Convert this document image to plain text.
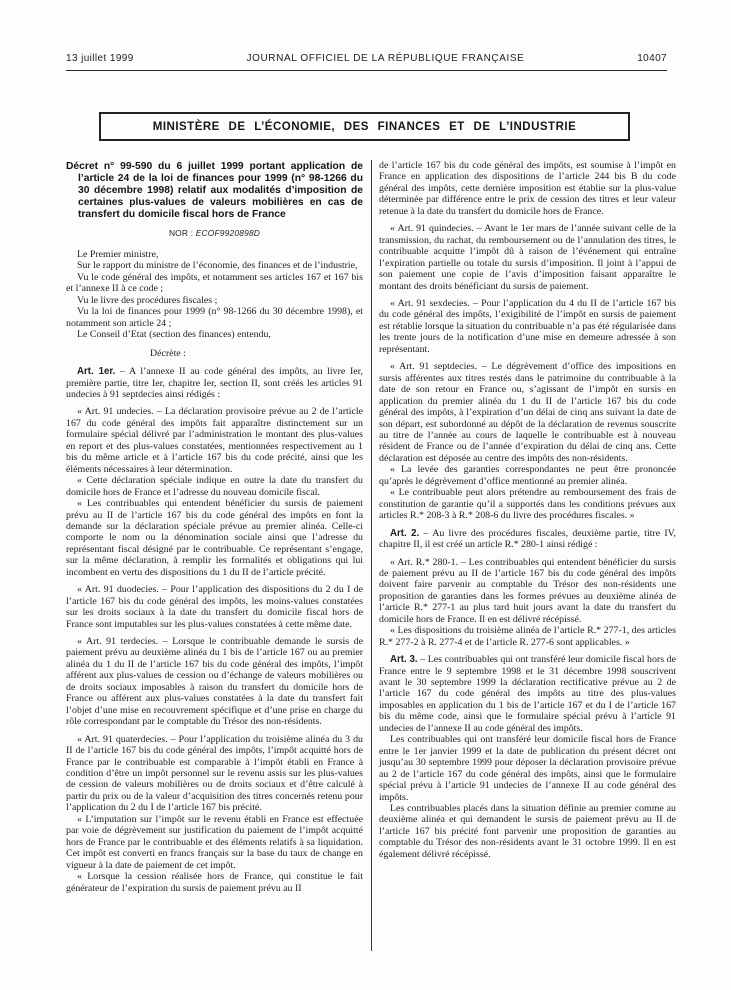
13 juillet 1999	JOURNAL OFFICIEL DE LA RÉPUBLIQUE FRANÇAISE	10407
MINISTÈRE DE L’ÉCONOMIE, DES FINANCES ET DE L’INDUSTRIE
Décret n° 99-590 du 6 juillet 1999 portant application de l’article 24 de la loi de finances pour 1999 (n° 98-1266 du 30 décembre 1998) relatif aux modalités d’imposition de certaines plus-values de valeurs mobilières en cas de transfert du domicile fiscal hors de France
NOR : ECOF9920898D

Le Premier ministre,

Sur le rapport du ministre de l’économie, des finances et de l’industrie,

Vu le code général des impôts, et notamment ses articles 167 et 167 bis et l’annexe II à ce code ;

Vu le livre des procédures fiscales ;

Vu la loi de finances pour 1999 (n° 98-1266 du 30 décembre 1998), et notamment son article 24 ;

Le Conseil d’Etat (section des finances) entendu,

Décrète :

Art. 1er. – A l’annexe II au code général des impôts, au livre Ier, première partie, titre Ier, chapitre Ier, section II, sont créés les articles 91 undecies à 91 septdecies ainsi rédigés :

« Art. 91 undecies. – La déclaration provisoire prévue au 2 de l’article 167 du code général des impôts fait apparaître distinctement sur un formulaire spécial délivré par l’administration le montant des plus-values en report et des plus-values constatées, mentionnées respectivement au 1 bis du même article et à l’article 167 bis du code précité, ainsi que les éléments nécessaires à leur détermination.

« Cette déclaration spéciale indique en outre la date du transfert du domicile hors de France et l’adresse du nouveau domicile fiscal.

« Les contribuables qui entendent bénéficier du sursis de paiement prévu au II de l’article 167 bis du code général des impôts en font la demande sur la déclaration spéciale prévue au premier alinéa. Celle-ci comporte le nom ou la dénomination sociale ainsi que l’adresse du représentant fiscal désigné par le contribuable. Ce représentant s’engage, sur la même déclaration, à remplir les formalités et obligations qui lui incombent en vertu des dispositions du 1 du II de l’article précité.

« Art. 91 duodecies. – Pour l’application des dispositions du 2 du I de l’article 167 bis du code général des impôts, les moins-values constatées sur les droits sociaux à la date du transfert du domicile fiscal hors de France sont imputables sur les plus-values constatées à cette même date.

« Art. 91 terdecies. – Lorsque le contribuable demande le sursis de paiement prévu au deuxième alinéa du 1 bis de l’article 167 ou au premier alinéa du 1 du II de l’article 167 bis du code général des impôts, l’impôt afférent aux plus-values de cession ou d’échange de valeurs mobilières ou de droits sociaux imposables à raison du transfert du domicile hors de France ou afférent aux plus-values constatées à la date du transfert fait l’objet d’une mise en recouvrement spécifique et d’une prise en charge du rôle correspondant par le comptable du Trésor des non-résidents.

« Art. 91 quaterdecies. – Pour l’application du troisième alinéa du 3 du II de l’article 167 bis du code général des impôts, l’impôt acquitté hors de France par le contribuable est comparable à l’impôt établi en France à condition d’être un impôt personnel sur le revenu assis sur les plus-values de cession de valeurs mobilières ou de droits sociaux et d’être calculé à partir du prix ou de la valeur d’acquisition des titres concernés retenu pour l’application du 2 du I de l’article 167 bis précité.

« L’imputation sur l’impôt sur le revenu établi en France est effectuée par voie de dégrèvement sur justification du paiement de l’impôt acquitté hors de France par le contribuable et des éléments relatifs à sa liquidation. Cet impôt est converti en francs français sur la base du taux de change en vigueur à la date de paiement de cet impôt.

« Lorsque la cession réalisée hors de France, qui constitue le fait générateur de l’expiration du sursis de paiement prévu au II

de l’article 167 bis du code général des impôts, est soumise à l’impôt en France en application des dispositions de l’article 244 bis B du code général des impôts, cette dernière imposition est établie sur la plus-value déterminée par différence entre le prix de cession des titres et leur valeur retenue à la date du transfert du domicile hors de France.

« Art. 91 quindecies. – Avant le 1er mars de l’année suivant celle de la transmission, du rachat, du remboursement ou de l’annulation des titres, le contribuable acquitte l’impôt dû à raison de l’événement qui entraîne l’expiration partielle ou totale du sursis d’imposition. Il joint à l’appui de son paiement une copie de l’avis d’imposition faisant apparaître le montant des droits bénéficiant du sursis de paiement.

« Art. 91 sexdecies. – Pour l’application du 4 du II de l’article 167 bis du code général des impôts, l’exigibilité de l’impôt en sursis de paiement est rétablie lorsque la situation du contribuable n’a pas été régularisée dans les trente jours de la notification d’une mise en demeure adressée à son représentant.

« Art. 91 septdecies. – Le dégrèvement d’office des impositions en sursis afférentes aux titres restés dans le patrimoine du contribuable à la date de son retour en France ou, s’agissant de l’impôt en sursis en application du premier alinéa du 1 du II de l’article 167 bis du code général des impôts, à l’expiration d’un délai de cinq ans suivant la date de son départ, est subordonné au dépôt de la déclaration de revenus souscrite au titre de l’année au cours de laquelle le contribuable est à nouveau résident de France ou de l’année d’expiration du délai de cinq ans. Cette déclaration est déposée au centre des impôts des non-résidents.

« La levée des garanties correspondantes ne peut être prononcée qu’après le dégrèvement d’office mentionné au premier alinéa.

« Le contribuable peut alors prétendre au remboursement des frais de constitution de garantie qu’il a supportés dans les conditions prévues aux articles R.* 208-3 à R.* 208-6 du livre des procédures fiscales. »

Art. 2. – Au livre des procédures fiscales, deuxième partie, titre IV, chapitre II, il est créé un article R.* 280-1 ainsi rédigé :

« Art. R.* 280-1. – Les contribuables qui entendent bénéficier du sursis de paiement prévu au II de l’article 167 bis du code général des impôts doivent faire parvenir au comptable du Trésor des non-résidents une proposition de garanties dans les formes prévues au deuxième alinéa de l’article R.* 277-1 au plus tard huit jours avant la date du transfert du domicile hors de France. Il en est délivré récépissé.

« Les dispositions du troisième alinéa de l’article R.* 277-1, des articles R.* 277-2 à R. 277-4 et de l’article R. 277-6 sont applicables. »

Art. 3. – Les contribuables qui ont transféré leur domicile fiscal hors de France entre le 9 septembre 1998 et le 31 décembre 1998 souscrivent avant le 30 septembre 1999 la déclaration rectificative prévue au 2 de l’article 167 du code général des impôts au titre des plus-values imposables en application du 1 bis de l’article 167 et du I de l’article 167 bis du même code, ainsi que le formulaire spécial prévu à l’article 91 undecies de l’annexe II au code général des impôts.

Les contribuables qui ont transféré leur domicile fiscal hors de France entre le 1er janvier 1999 et la date de publication du présent décret ont jusqu’au 30 septembre 1999 pour déposer la déclaration provisoire prévue au 2 de l’article 167 du code général des impôts, ainsi que le formulaire spécial prévu à l’article 91 undecies de l’annexe II au code général des impôts.

Les contribuables placés dans la situation définie au premier comme au deuxième alinéa et qui demandent le sursis de paiement prévu au II de l’article 167 bis précité font parvenir une proposition de garanties au comptable du Trésor des non-résidents avant le 31 octobre 1999. Il en est également délivré récépissé.
